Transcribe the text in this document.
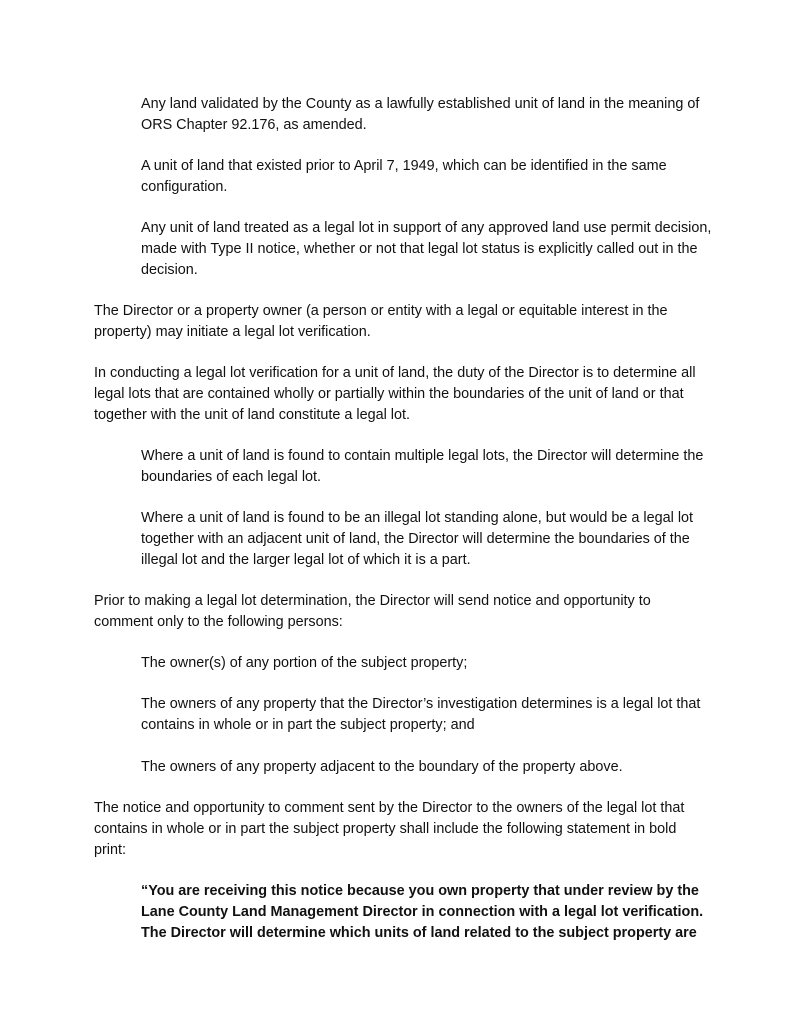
Any land validated by the County as a lawfully established unit of land in the meaning of ORS Chapter 92.176, as amended.

A unit of land that existed prior to April 7, 1949, which can be identified in the same configuration.

Any unit of land treated as a legal lot in support of any approved land use permit decision, made with Type II notice, whether or not that legal lot status is explicitly called out in the decision.

The Director or a property owner (a person or entity with a legal or equitable interest in the property) may initiate a legal lot verification.

In conducting a legal lot verification for a unit of land, the duty of the Director is to determine all legal lots that are contained wholly or partially within the boundaries of the unit of land or that together with the unit of land constitute a legal lot.

Where a unit of land is found to contain multiple legal lots, the Director will determine the boundaries of each legal lot.

Where a unit of land is found to be an illegal lot standing alone, but would be a legal lot together with an adjacent unit of land, the Director will determine the boundaries of the illegal lot and the larger legal lot of which it is a part.

Prior to making a legal lot determination, the Director will send notice and opportunity to comment only to the following persons:

The owner(s) of any portion of the subject property;

The owners of any property that the Director’s investigation determines is a legal lot that contains in whole or in part the subject property; and

The owners of any property adjacent to the boundary of the property above.

The notice and opportunity to comment sent by the Director to the owners of the legal lot that contains in whole or in part the subject property shall include the following statement in bold print:

“You are receiving this notice because you own property that under review by the Lane County Land Management Director in connection with a legal lot verification. The Director will determine which units of land related to the subject property are
